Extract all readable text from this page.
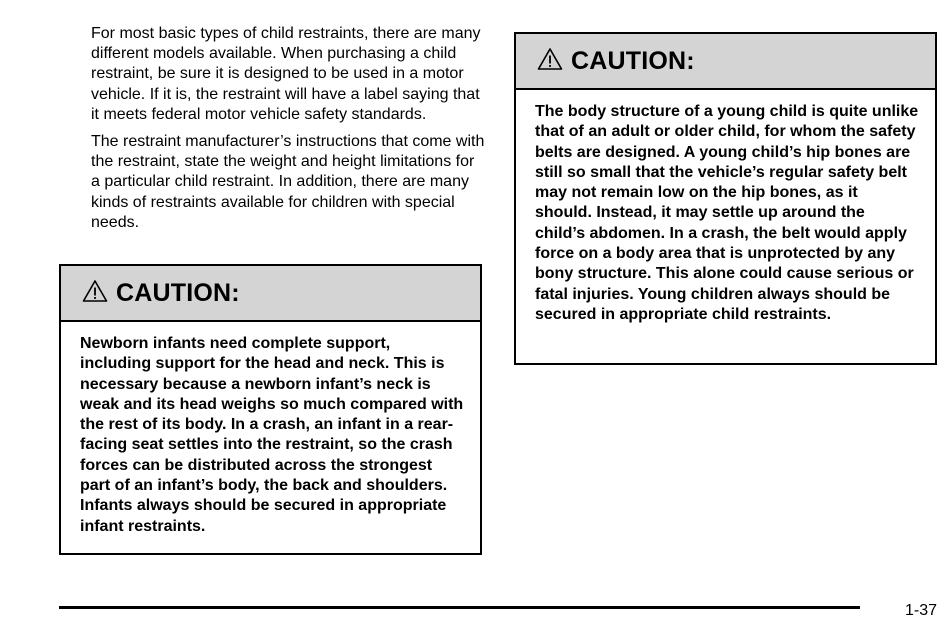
For most basic types of child restraints, there are many different models available. When purchasing a child restraint, be sure it is designed to be used in a motor vehicle. If it is, the restraint will have a label saying that it meets federal motor vehicle safety standards.

The restraint manufacturer’s instructions that come with the restraint, state the weight and height limitations for a particular child restraint. In addition, there are many kinds of restraints available for children with special needs.

CAUTION:
Newborn infants need complete support, including support for the head and neck. This is necessary because a newborn infant’s neck is weak and its head weighs so much compared with the rest of its body. In a crash, an infant in a rear-facing seat settles into the restraint, so the crash forces can be distributed across the strongest part of an infant’s body, the back and shoulders. Infants always should be secured in appropriate infant restraints.
CAUTION:
The body structure of a young child is quite unlike that of an adult or older child, for whom the safety belts are designed. A young child’s hip bones are still so small that the vehicle’s regular safety belt may not remain low on the hip bones, as it should. Instead, it may settle up around the child’s abdomen. In a crash, the belt would apply force on a body area that is unprotected by any bony structure. This alone could cause serious or fatal injuries. Young children always should be secured in appropriate child restraints.
1-37
